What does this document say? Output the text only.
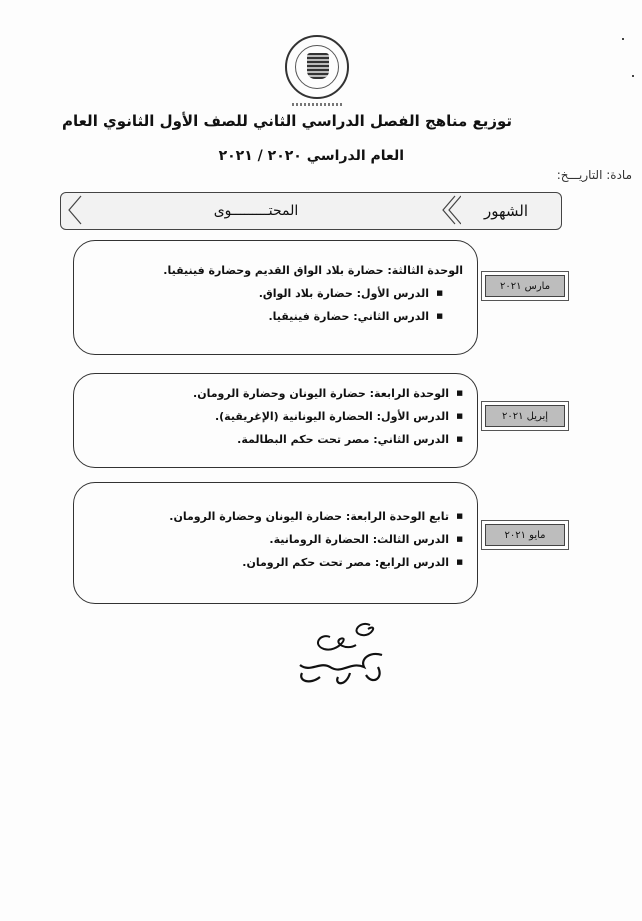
توزيع مناهج الفصل الدراسي الثاني للصف الأول الثانوي العام
العام الدراسي ٢٠٢٠ / ٢٠٢١
مادة: التاريـــخ:
الشهور
المحتـــــــــوى
الوحدة الثالثة: حضارة بلاد الواق القديم وحضارة فينيقيا.
■ الدرس الأول: حضارة بلاد الواق.
■ الدرس الثاني: حضارة فينيقيا.
مارس ٢٠٢١
■ الوحدة الرابعة: حضارة اليونان وحضارة الرومان.
■ الدرس الأول: الحضارة اليونانية (الإغريقية).
■ الدرس الثاني: مصر تحت حكم البطالمة.
إبريل ٢٠٢١
■ تابع الوحدة الرابعة: حضارة اليونان وحضارة الرومان.
■ الدرس الثالث: الحضارة الرومانية.
■ الدرس الرابع: مصر تحت حكم الرومان.
مايو ٢٠٢١
